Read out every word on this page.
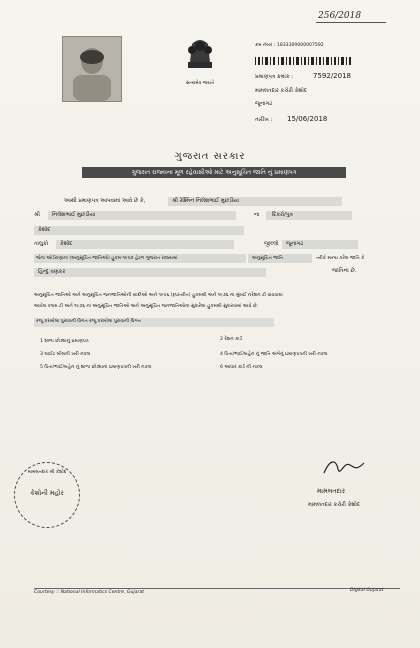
256/2018
સત્યમેવ જયતે
ક્રમ નંબર : 1833309000007592
પ્રમાણપત્ર ક્રમાંક :	7592/2018
મામલતદાર કચેરી કેશોદ
જૂનાગઢ
તારીખ : 15/06/2018
ગુજરાત સરકાર
ગુજરાત રાજ્યના મૂળ રહેવાસીઓ માટે અનુસૂચિત જાતિ નું પ્રમાણપત્ર
આથી પ્રમાણપત્ર આપવામાં આવે છે કે,	શ્રી રેશ્મિન નિલેશભાઈ મુછડીયા
શ્રી નિલેશભાઈ મુછડીયા	ના દિકરો/પુત્ર
કેશોદ
તાલુકો કેશોદ	જીલ્લો જૂનાગઢ
જેના ઓર્ડરાણાના (અનુસૂચિત જાતિઓ) હુકમ-૧૯૫૦ હેઠળ ગુજરાત રાજ્યમાં	અનુસૂચિત જાતિ	તરીકે માન્ય કરેલ જાતિ કે
જાતિના છે.
હિન્દુ વણકર
અનુસૂચિત જાતિઓ અને અનુસૂચિત જનજાતિઓની યાદીઓ અને ૧૯૫૬ (રૂપાંતરીત) હુકમથી અને ૧૯૭૬ ના મુંબઈ નરેશન ટી વાવવામાં
આવેલ કલમ ટી અને ૧૯૭૬ ના અનુસૂચિત જાતિઓ અને અનુસૂચિત જનજાતિઓના સુધારેલા હુકમથી સુધારવામાં આવે છે.
રજૂ કરાયેલા પુરાવાની વિગત રજૂ કરાયેલા પુરાવાની વિગત
1 શાળા છોડ્યાનું પ્રમાણપત્ર	2 રેશન કાર્ડ
3 લાઈટ બીલની ખરી નકલ	4 પિતા/ભાઈ/બહેન નું જાતિ અંગેનું પ્રમાણપત્રની ખરી નકલ
5 પિતા/ભાઈ/બહેન નું શાળા છોડ્યાનાં પ્રમાણપત્રની ખરી નકલ	6 આધાર કાર્ડ ની નકલ
મામલતદાર શ્રી કેશોદ
કેશોની મહોર	મામલતદાર
મામલતદાર કચેરી કેશોદ
Courtesy :: National Informatics Centre, Gujarat	Digital Gujarat
